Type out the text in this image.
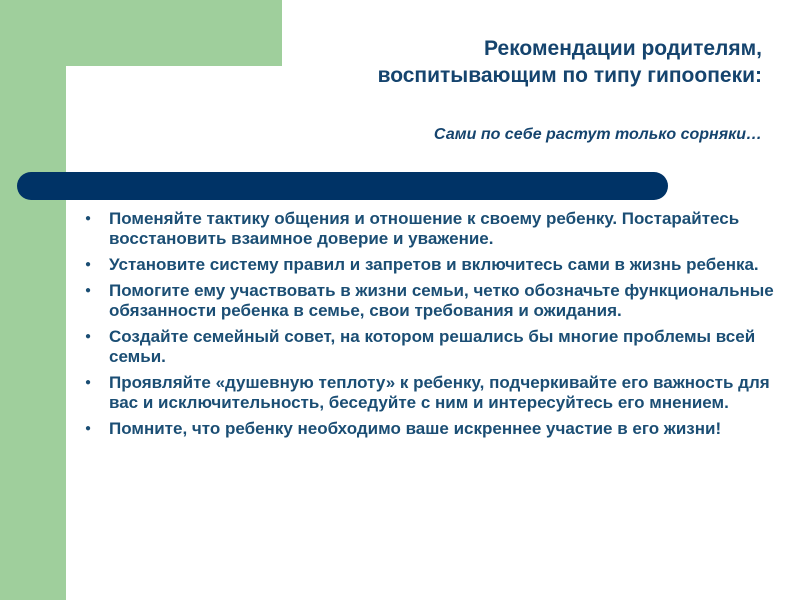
Рекомендации родителям,
воспитывающим по типу гипоопеки:

Сами по себе растут только сорняки…

● Поменяйте тактику общения и отношение к своему ребенку. Постарайтесь восстановить взаимное доверие и уважение.
● Установите систему правил и запретов и включитесь сами в жизнь ребенка.
● Помогите ему участвовать в жизни семьи, четко обозначьте функциональные обязанности ребенка в семье, свои требования и ожидания.
● Создайте семейный совет, на котором решались бы многие проблемы всей семьи.
● Проявляйте «душевную теплоту» к ребенку, подчеркивайте его важность для вас и исключительность, беседуйте с ним и интересуйтесь его мнением.
● Помните, что ребенку необходимо ваше искреннее участие в его жизни!
